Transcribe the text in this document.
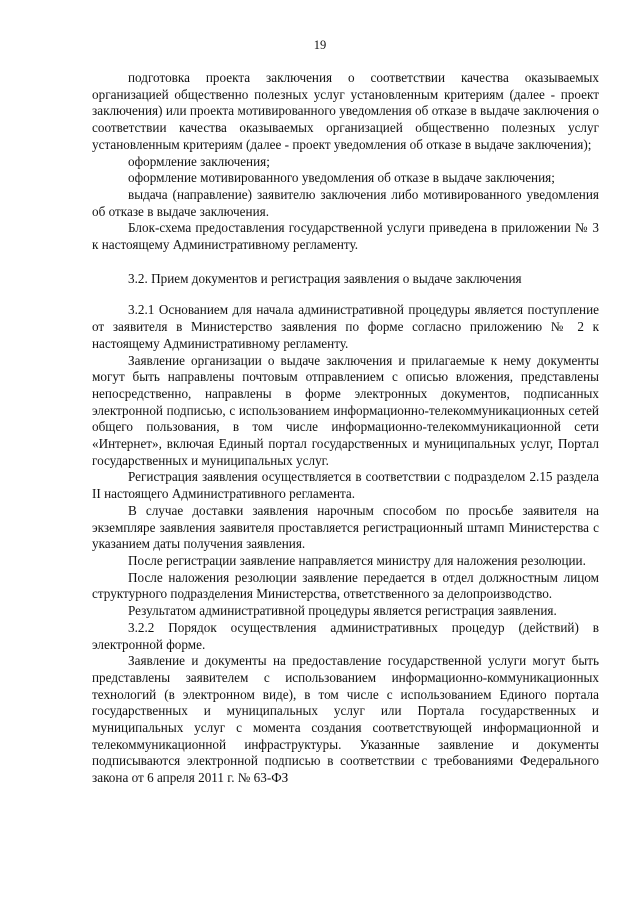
19

подготовка проекта заключения о соответствии качества оказываемых организацией общественно полезных услуг установленным критериям (далее - проект заключения) или проекта мотивированного уведомления об отказе в выдаче заключения о соответствии качества оказываемых организацией общественно полезных услуг установленным критериям (далее - проект уведомления об отказе в выдаче заключения);

оформление заключения;

оформление мотивированного уведомления об отказе в выдаче заключения;

выдача (направление) заявителю заключения либо мотивированного уведомления об отказе в выдаче заключения.

Блок-схема предоставления государственной услуги приведена в приложении № 3 к настоящему Административному регламенту.

3.2. Прием документов и регистрация заявления о выдаче заключения

3.2.1 Основанием для начала административной процедуры является поступление от заявителя в Министерство заявления по форме согласно приложению № 2 к настоящему Административному регламенту.

Заявление организации о выдаче заключения и прилагаемые к нему документы могут быть направлены почтовым отправлением с описью вложения, представлены непосредственно, направлены в форме электронных документов, подписанных электронной подписью, с использованием информационно-телекоммуникационных сетей общего пользования, в том числе информационно-телекоммуникационной сети «Интернет», включая Единый портал государственных и муниципальных услуг, Портал государственных и муниципальных услуг.

Регистрация заявления осуществляется в соответствии с подразделом 2.15 раздела II настоящего Административного регламента.

В случае доставки заявления нарочным способом по просьбе заявителя на экземпляре заявления заявителя проставляется регистрационный штамп Министерства с указанием даты получения заявления.

После регистрации заявление направляется министру для наложения резолюции.

После наложения резолюции заявление передается в отдел должностным лицом структурного подразделения Министерства, ответственного за делопроизводство.

Результатом административной процедуры является регистрация заявления.

3.2.2 Порядок осуществления административных процедур (действий) в электронной форме.

Заявление и документы на предоставление государственной услуги могут быть представлены заявителем с использованием информационно-коммуникационных технологий (в электронном виде), в том числе с использованием Единого портала государственных и муниципальных услуг или Портала государственных и муниципальных услуг с момента создания соответствующей информационной и телекоммуникационной инфраструктуры. Указанные заявление и документы подписываются электронной подписью в соответствии с требованиями Федерального закона от 6 апреля 2011 г. № 63-ФЗ
